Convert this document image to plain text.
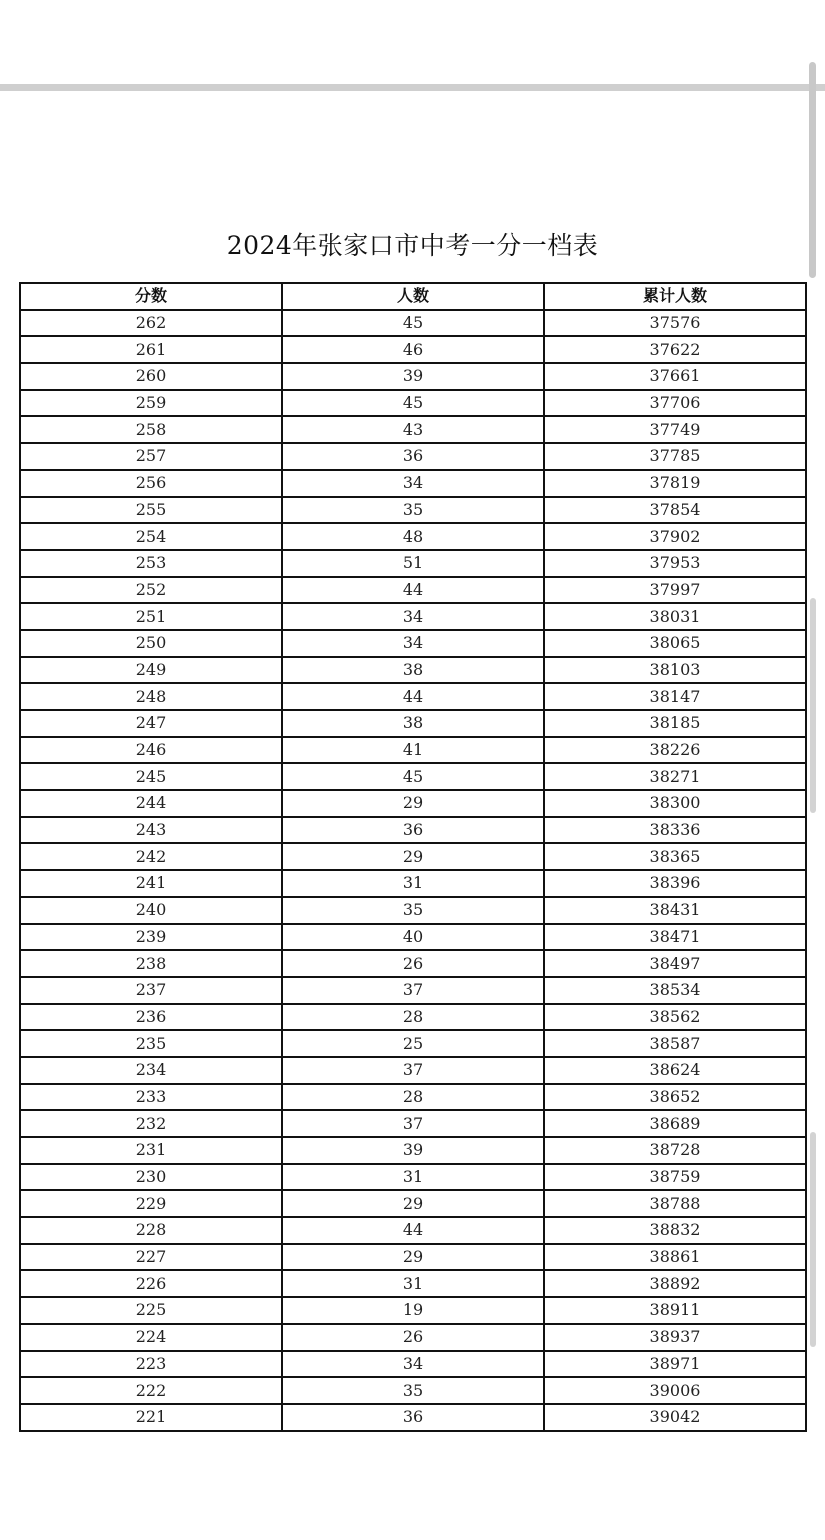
2024年张家口市中考一分一档表
分数	人数	累计人数
262	45	37576
261	46	37622
260	39	37661
259	45	37706
258	43	37749
257	36	37785
256	34	37819
255	35	37854
254	48	37902
253	51	37953
252	44	37997
251	34	38031
250	34	38065
249	38	38103
248	44	38147
247	38	38185
246	41	38226
245	45	38271
244	29	38300
243	36	38336
242	29	38365
241	31	38396
240	35	38431
239	40	38471
238	26	38497
237	37	38534
236	28	38562
235	25	38587
234	37	38624
233	28	38652
232	37	38689
231	39	38728
230	31	38759
229	29	38788
228	44	38832
227	29	38861
226	31	38892
225	19	38911
224	26	38937
223	34	38971
222	35	39006
221	36	39042
